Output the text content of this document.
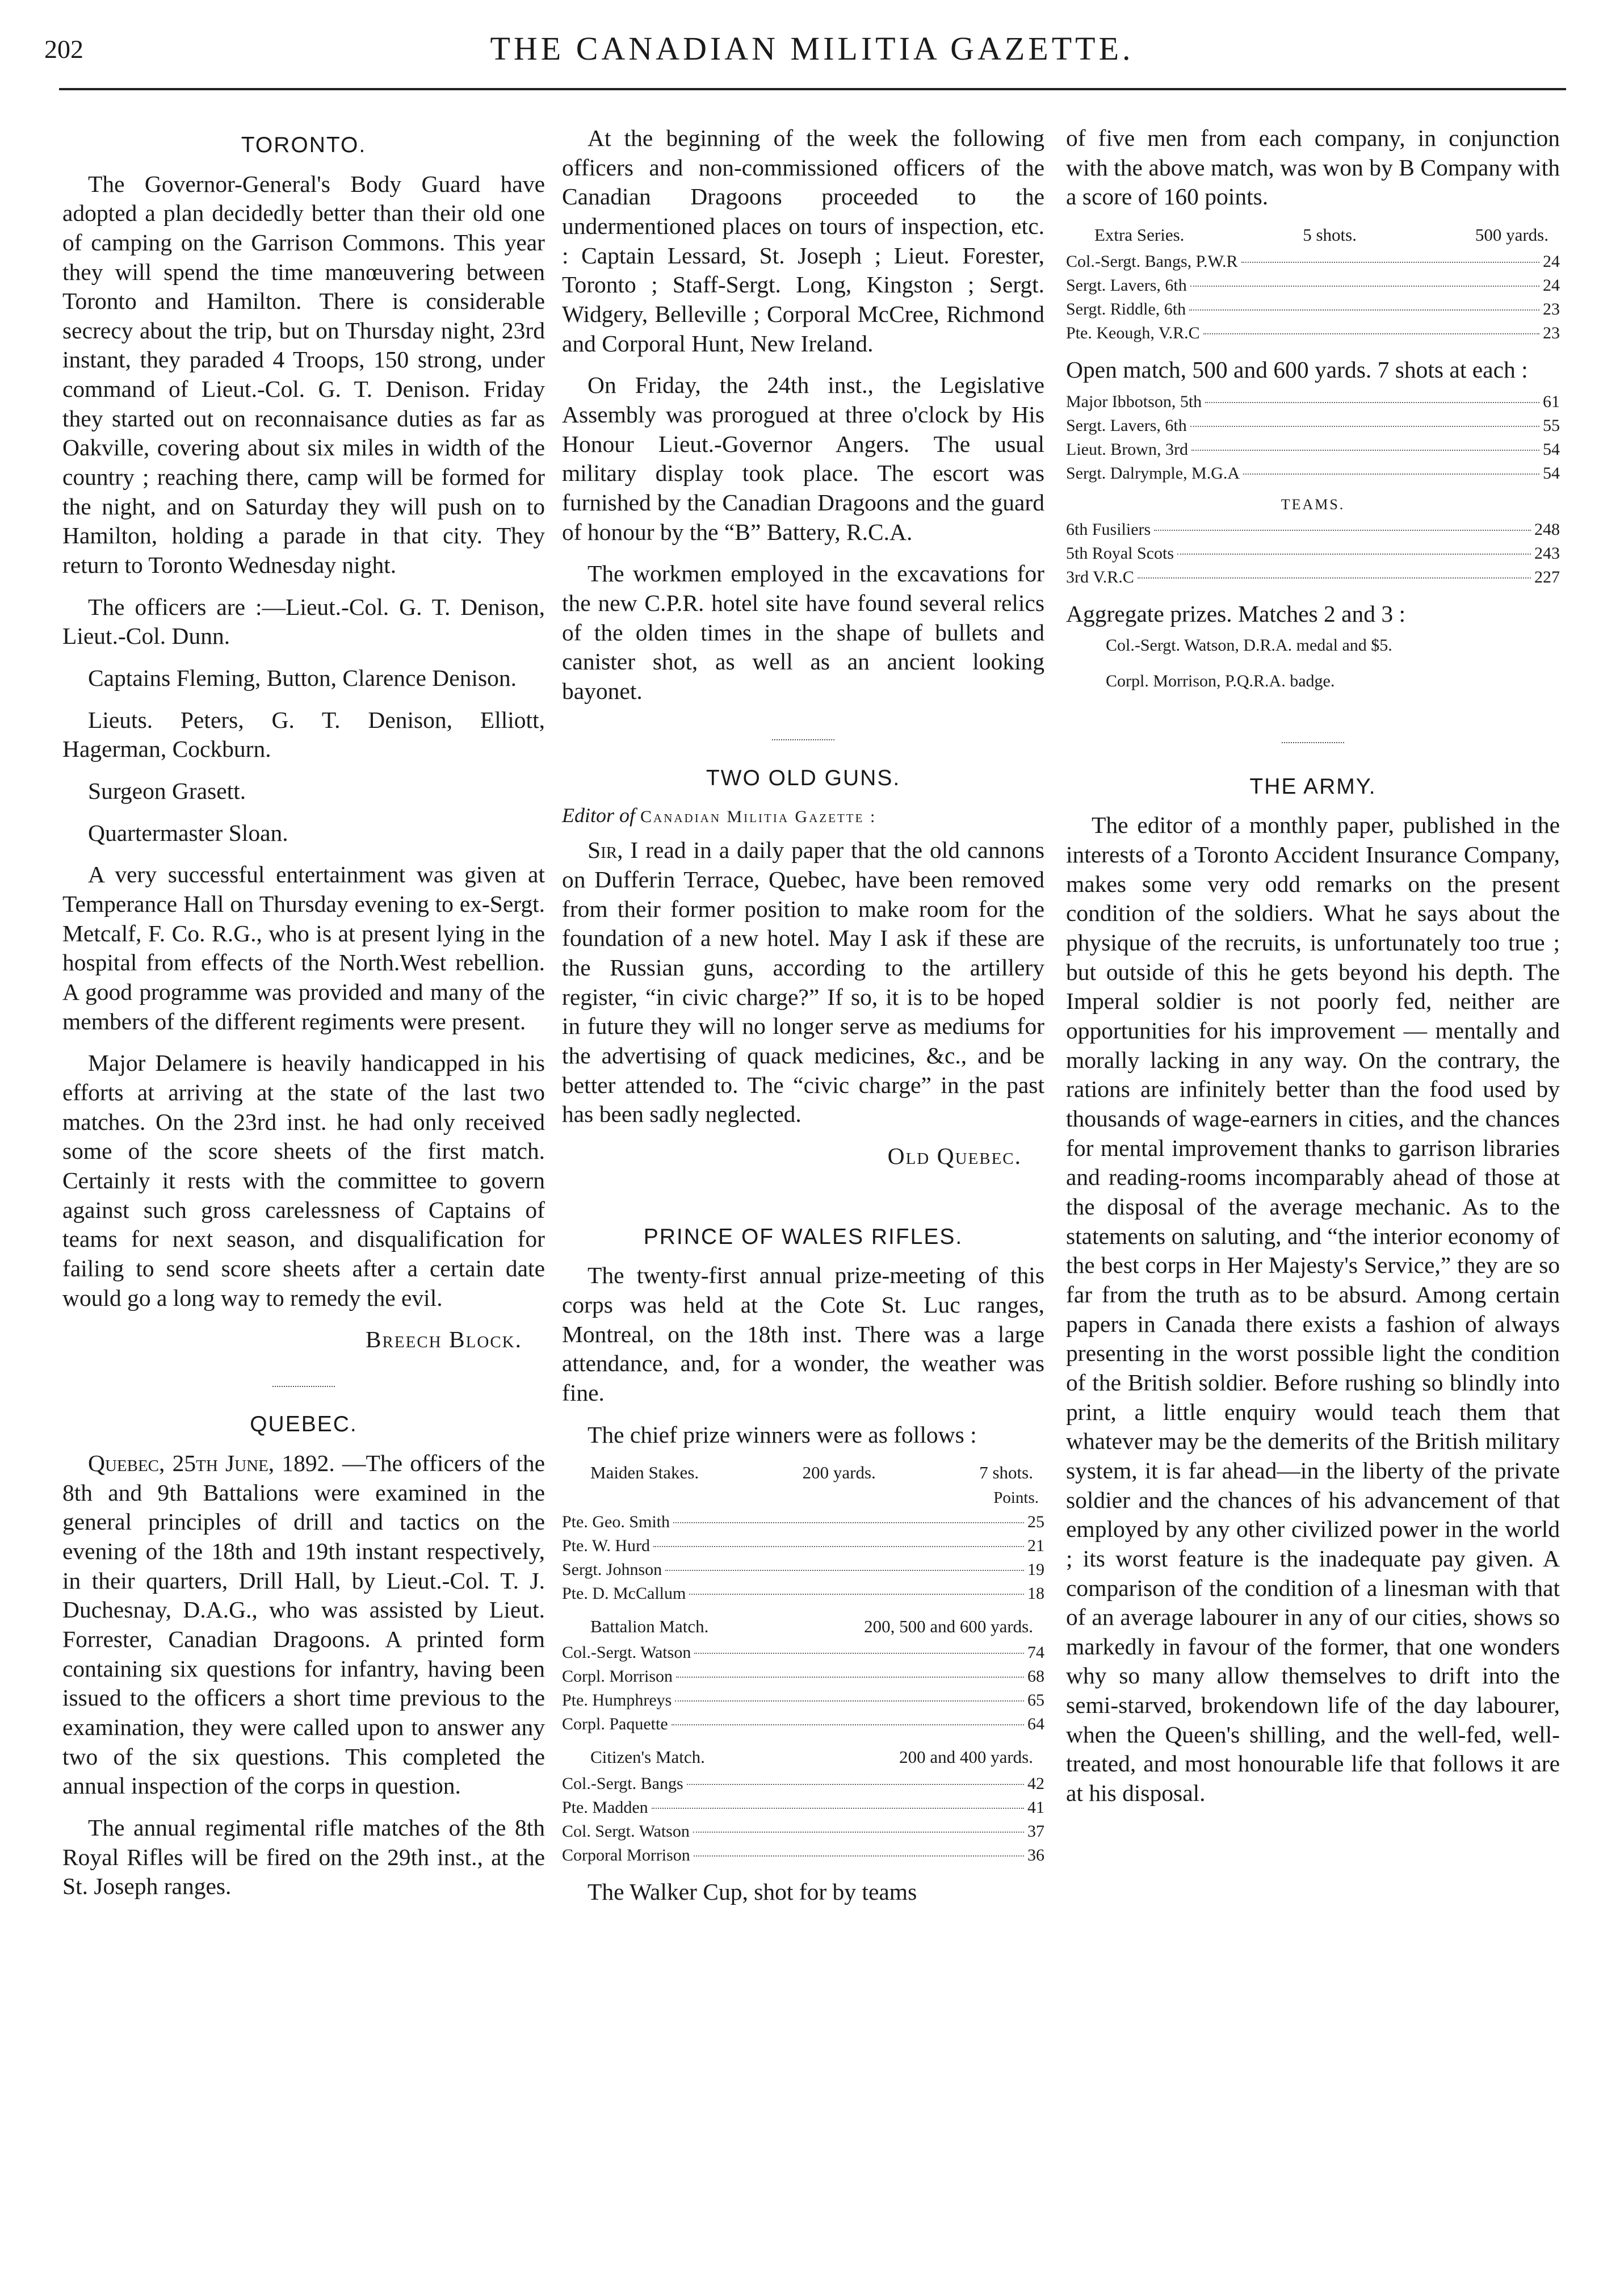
202	THE CANADIAN MILITIA GAZETTE.
TORONTO.

The Governor-General's Body Guard have adopted a plan decidedly better than their old one of camping on the Garrison Commons. This year they will spend the time manœuvering between Toronto and Hamilton. There is considerable secrecy about the trip, but on Thursday night, 23rd instant, they paraded 4 Troops, 150 strong, under command of Lieut.-Col. G. T. Denison. Friday they started out on reconnaisance duties as far as Oakville, covering about six miles in width of the country ; reaching there, camp will be formed for the night, and on Saturday they will push on to Hamilton, holding a parade in that city. They return to Toronto Wednesday night.

The officers are :—Lieut.-Col. G. T. Denison, Lieut.-Col. Dunn.

Captains Fleming, Button, Clarence Denison.

Lieuts. Peters, G. T. Denison, Elliott, Hagerman, Cockburn.

Surgeon Grasett.

Quartermaster Sloan.

A very successful entertainment was given at Temperance Hall on Thursday evening to ex-Sergt. Metcalf, F. Co. R.G., who is at present lying in the hospital from effects of the North.West rebellion. A good programme was provided and many of the members of the different regiments were present.

Major Delamere is heavily handicapped in his efforts at arriving at the state of the last two matches. On the 23rd inst. he had only received some of the score sheets of the first match. Certainly it rests with the committee to govern against such gross carelessness of Captains of teams for next season, and disqualification for failing to send score sheets after a certain date would go a long way to remedy the evil.

Breech Block.
QUEBEC.

Quebec, 25th June, 1892. —The officers of the 8th and 9th Battalions were examined in the general principles of drill and tactics on the evening of the 18th and 19th instant respectively, in their quarters, Drill Hall, by Lieut.-Col. T. J. Duchesnay, D.A.G., who was assisted by Lieut. Forrester, Canadian Dragoons. A printed form containing six questions for infantry, having been issued to the officers a short time previous to the examination, they were called upon to answer any two of the six questions. This completed the annual inspection of the corps in question.

The annual regimental rifle matches of the 8th Royal Rifles will be fired on the 29th inst., at the St. Joseph ranges.

At the beginning of the week the following officers and non-commissioned officers of the Canadian Dragoons proceeded to the undermentioned places on tours of inspection, etc. : Captain Lessard, St. Joseph ; Lieut. Forester, Toronto ; Staff-Sergt. Long, Kingston ; Sergt. Widgery, Belleville ; Corporal McCree, Richmond and Corporal Hunt, New Ireland.

On Friday, the 24th inst., the Legislative Assembly was prorogued at three o'clock by His Honour Lieut.-Governor Angers. The usual military display took place. The escort was furnished by the Canadian Dragoons and the guard of honour by the “B” Battery, R.C.A.

The workmen employed in the excavations for the new C.P.R. hotel site have found several relics of the olden times in the shape of bullets and canister shot, as well as an ancient looking bayonet.

TWO OLD GUNS.
Editor of Canadian Militia Gazette :

Sir, I read in a daily paper that the old cannons on Dufferin Terrace, Quebec, have been removed from their former position to make room for the foundation of a new hotel. May I ask if these are the Russian guns, according to the artillery register, “in civic charge?” If so, it is to be hoped in future they will no longer serve as mediums for the advertising of quack medicines, &c., and be better attended to. The “civic charge” in the past has been sadly neglected.

Old Quebec.
PRINCE OF WALES RIFLES.

The twenty-first annual prize-meeting of this corps was held at the Cote St. Luc ranges, Montreal, on the 18th inst. There was a large attendance, and, for a wonder, the weather was fine.

The chief prize winners were as follows :

Maiden Stakes.	200 yards.	7 shots.
Points.
Pte. Geo. Smith	25
Pte. W. Hurd	21
Sergt. Johnson	19
Pte. D. McCallum	18
Battalion Match.	200, 500 and 600 yards.
Col.-Sergt. Watson	74
Corpl. Morrison	68
Pte. Humphreys	65
Corpl. Paquette	64
Citizen's Match.	200 and 400 yards.
Col.-Sergt. Bangs	42
Pte. Madden	41
Col. Sergt. Watson	37
Corporal Morrison	36

The Walker Cup, shot for by teams

of five men from each company, in conjunction with the above match, was won by B Company with a score of 160 points.

Extra Series.	5 shots.	500 yards.
Col.-Sergt. Bangs, P.W.R	24
Sergt. Lavers, 6th	24
Sergt. Riddle, 6th	23
Pte. Keough, V.R.C	23
Open match, 500 and 600 yards. 7 shots at each :
Major Ibbotson, 5th	61
Sergt. Lavers, 6th	55
Lieut. Brown, 3rd	54
Sergt. Dalrymple, M.G.A	54
TEAMS.
6th Fusiliers	248
5th Royal Scots	243
3rd V.R.C	227
Aggregate prizes. Matches 2 and 3 :

Col.-Sergt. Watson, D.R.A. medal and $5.

Corpl. Morrison, P.Q.R.A. badge.

THE ARMY.

The editor of a monthly paper, published in the interests of a Toronto Accident Insurance Company, makes some very odd remarks on the present condition of the soldiers. What he says about the physique of the recruits, is unfortunately too true ; but outside of this he gets beyond his depth. The Imperal soldier is not poorly fed, neither are opportunities for his improvement — mentally and morally lacking in any way. On the contrary, the rations are infinitely better than the food used by thousands of wage-earners in cities, and the chances for mental improvement thanks to garrison libraries and reading-rooms incomparably ahead of those at the disposal of the average mechanic. As to the statements on saluting, and “the interior economy of the best corps in Her Majesty's Service,” they are so far from the truth as to be absurd. Among certain papers in Canada there exists a fashion of always presenting in the worst possible light the condition of the British soldier. Before rushing so blindly into print, a little enquiry would teach them that whatever may be the demerits of the British military system, it is far ahead—in the liberty of the private soldier and the chances of his advancement of that employed by any other civilized power in the world ; its worst feature is the inadequate pay given. A comparison of the condition of a linesman with that of an average labourer in any of our cities, shows so markedly in favour of the former, that one wonders why so many allow themselves to drift into the semi-starved, brokendown life of the day labourer, when the Queen's shilling, and the well-fed, well-treated, and most honourable life that follows it are at his disposal.
